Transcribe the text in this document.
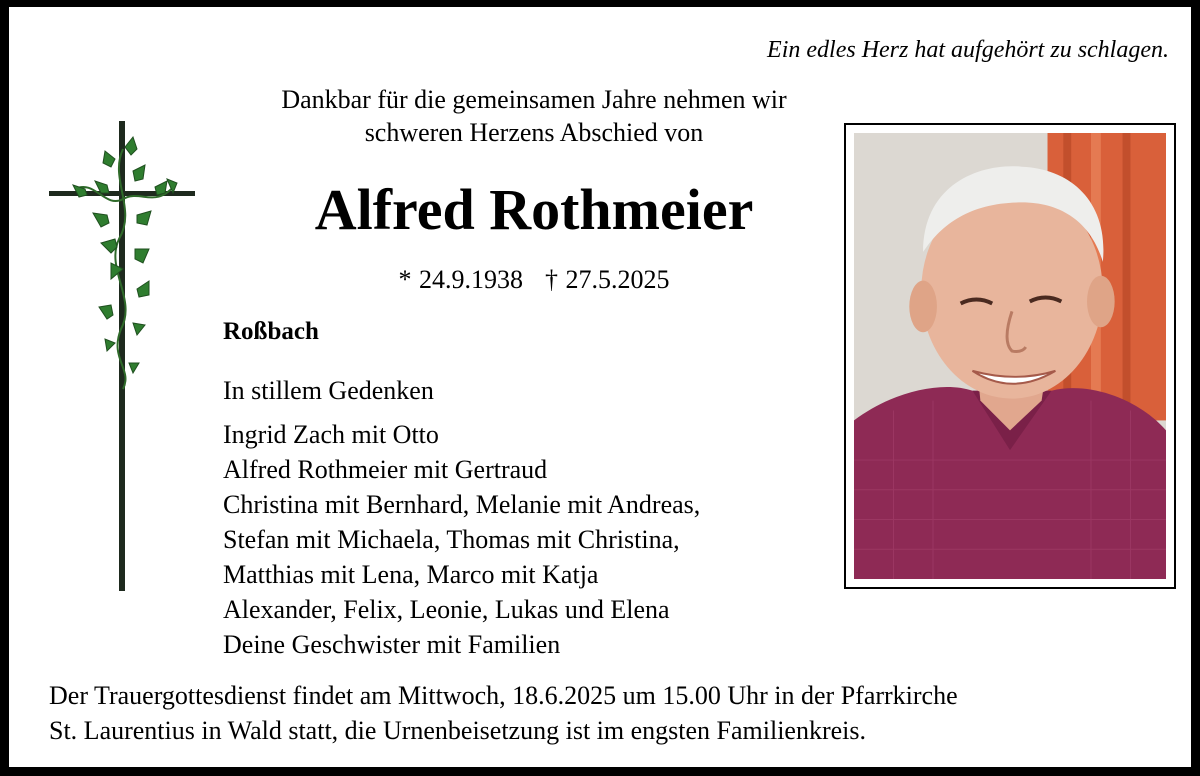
Ein edles Herz hat aufgehört zu schlagen.
Dankbar für die gemeinsamen Jahre nehmen wir
schweren Herzens Abschied von
Alfred Rothmeier
* 24.9.1938 † 27.5.2025
Roßbach
In stillem Gedenken
Ingrid Zach mit Otto
Alfred Rothmeier mit Gertraud
Christina mit Bernhard, Melanie mit Andreas,
Stefan mit Michaela, Thomas mit Christina,
Matthias mit Lena, Marco mit Katja
Alexander, Felix, Leonie, Lukas und Elena
Deine Geschwister mit Familien
Der Trauergottesdienst findet am Mittwoch, 18.6.2025 um 15.00 Uhr in der Pfarrkirche
St. Laurentius in Wald statt, die Urnenbeisetzung ist im engsten Familienkreis.
